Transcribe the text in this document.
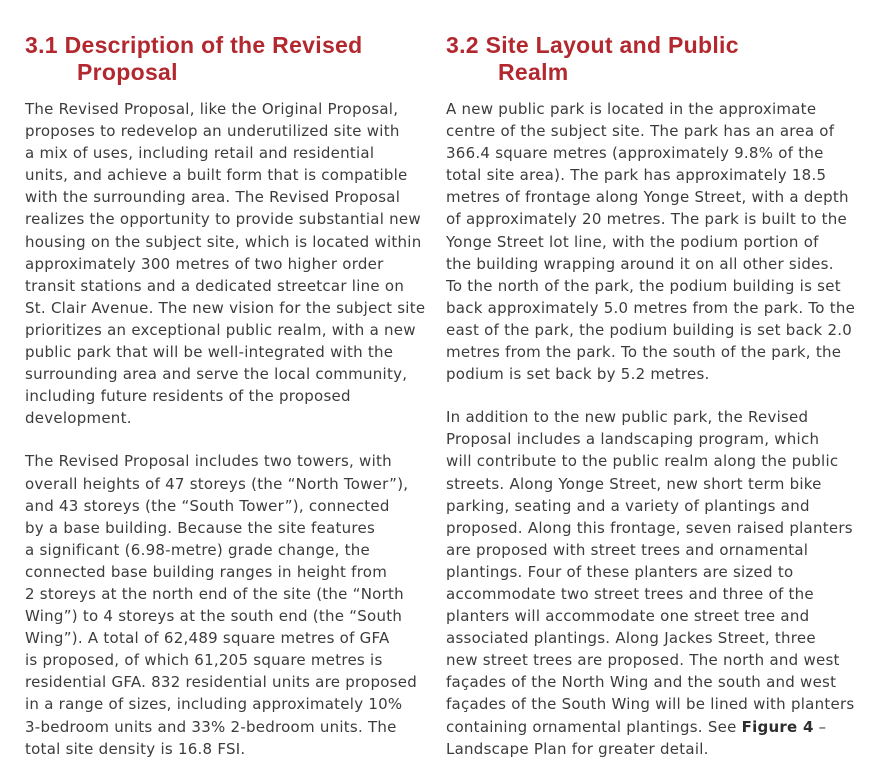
3.1 Description of the Revised
Proposal

The Revised Proposal, like the Original Proposal,
proposes to redevelop an underutilized site with
a mix of uses, including retail and residential
units, and achieve a built form that is compatible
with the surrounding area. The Revised Proposal
realizes the opportunity to provide substantial new
housing on the subject site, which is located within
approximately 300 metres of two higher order
transit stations and a dedicated streetcar line on
St. Clair Avenue. The new vision for the subject site
prioritizes an exceptional public realm, with a new
public park that will be well-integrated with the
surrounding area and serve the local community,
including future residents of the proposed
development.

The Revised Proposal includes two towers, with
overall heights of 47 storeys (the “North Tower”),
and 43 storeys (the “South Tower”), connected
by a base building. Because the site features
a significant (6.98-metre) grade change, the
connected base building ranges in height from
2 storeys at the north end of the site (the “North
Wing”) to 4 storeys at the south end (the “South
Wing”). A total of 62,489 square metres of GFA
is proposed, of which 61,205 square metres is
residential GFA. 832 residential units are proposed
in a range of sizes, including approximately 10%
3-bedroom units and 33% 2-bedroom units. The
total site density is 16.8 FSI.

3.2 Site Layout and Public
Realm

A new public park is located in the approximate
centre of the subject site. The park has an area of
366.4 square metres (approximately 9.8% of the
total site area). The park has approximately 18.5
metres of frontage along Yonge Street, with a depth
of approximately 20 metres. The park is built to the
Yonge Street lot line, with the podium portion of
the building wrapping around it on all other sides.
To the north of the park, the podium building is set
back approximately 5.0 metres from the park. To the
east of the park, the podium building is set back 2.0
metres from the park. To the south of the park, the
podium is set back by 5.2 metres.

In addition to the new public park, the Revised
Proposal includes a landscaping program, which
will contribute to the public realm along the public
streets. Along Yonge Street, new short term bike
parking, seating and a variety of plantings and
proposed. Along this frontage, seven raised planters
are proposed with street trees and ornamental
plantings. Four of these planters are sized to
accommodate two street trees and three of the
planters will accommodate one street tree and
associated plantings. Along Jackes Street, three
new street trees are proposed. The north and west
façades of the North Wing and the south and west
façades of the South Wing will be lined with planters
containing ornamental plantings. See Figure 4 –
Landscape Plan for greater detail.
